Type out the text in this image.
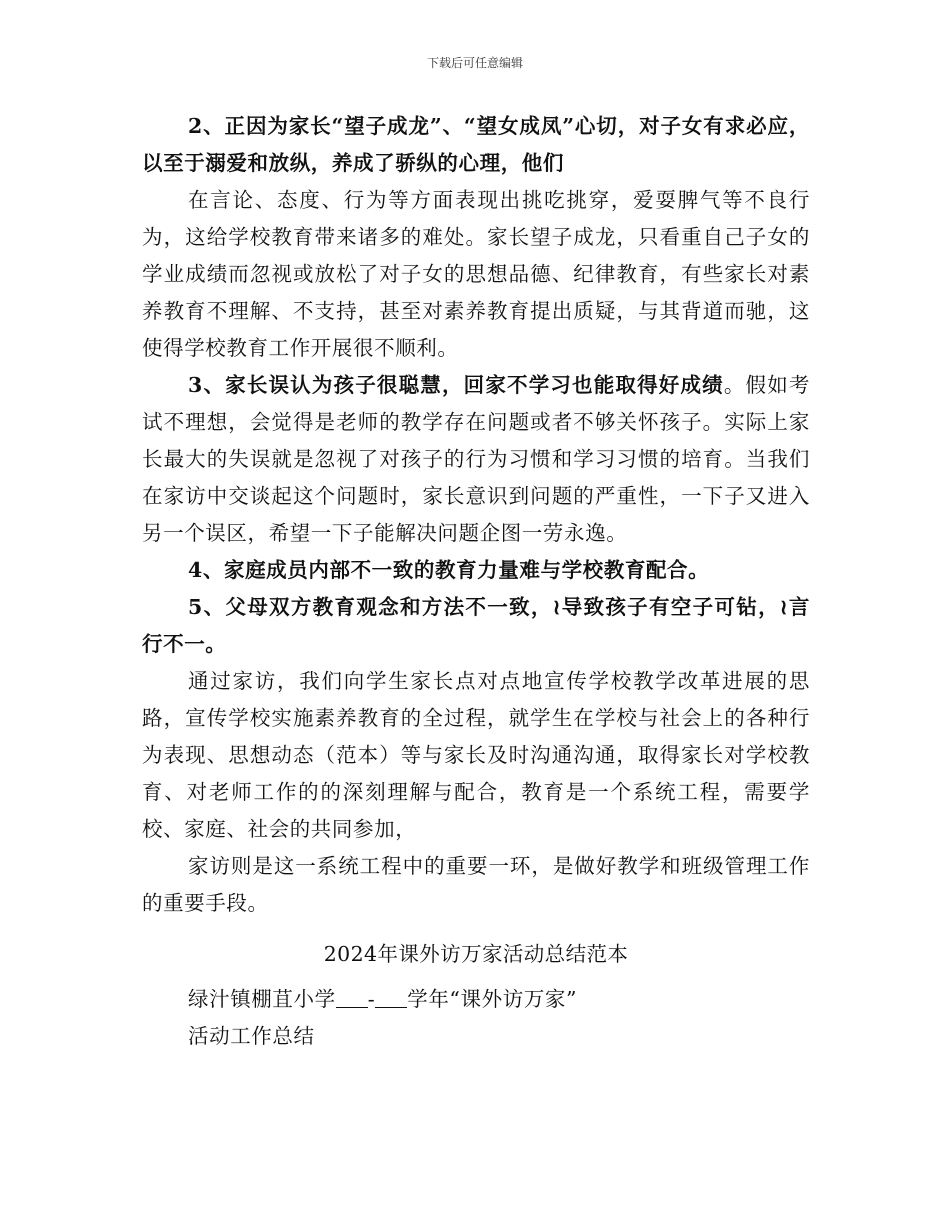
下载后可任意编辑

2、正因为家长“望子成龙”、“望女成凤”心切，对子女有求必应，以至于溺爱和放纵，养成了骄纵的心理，他们

在言论、态度、行为等方面表现出挑吃挑穿，爱耍脾气等不良行为，这给学校教育带来诸多的难处。家长望子成龙，只看重自己子女的学业成绩而忽视或放松了对子女的思想品德、纪律教育，有些家长对素养教育不理解、不支持，甚至对素养教育提出质疑，与其背道而驰，这使得学校教育工作开展很不顺利。

3、家长误认为孩子很聪慧，回家不学习也能取得好成绩。假如考试不理想，会觉得是老师的教学存在问题或者不够关怀孩子。实际上家长最大的失误就是忽视了对孩子的行为习惯和学习习惯的培育。当我们在家访中交谈起这个问题时，家长意识到问题的严重性，一下子又进入另一个误区，希望一下子能解决问题企图一劳永逸。

4、家庭成员内部不一致的教育力量难与学校教育配合。

5、父母双方教育观念和方法不一致，≀导致孩子有空子可钻，≀言行不一。

通过家访，我们向学生家长点对点地宣传学校教学改革进展的思路，宣传学校实施素养教育的全过程，就学生在学校与社会上的各种行为表现、思想动态（范本）等与家长及时沟通沟通，取得家长对学校教育、对老师工作的的深刻理解与配合，教育是一个系统工程，需要学校、家庭、社会的共同参加，

家访则是这一系统工程中的重要一环，是做好教学和班级管理工作的重要手段。

2024年课外访万家活动总结范本

绿汁镇棚苴小学 - 学年“课外访万家”

活动工作总结
